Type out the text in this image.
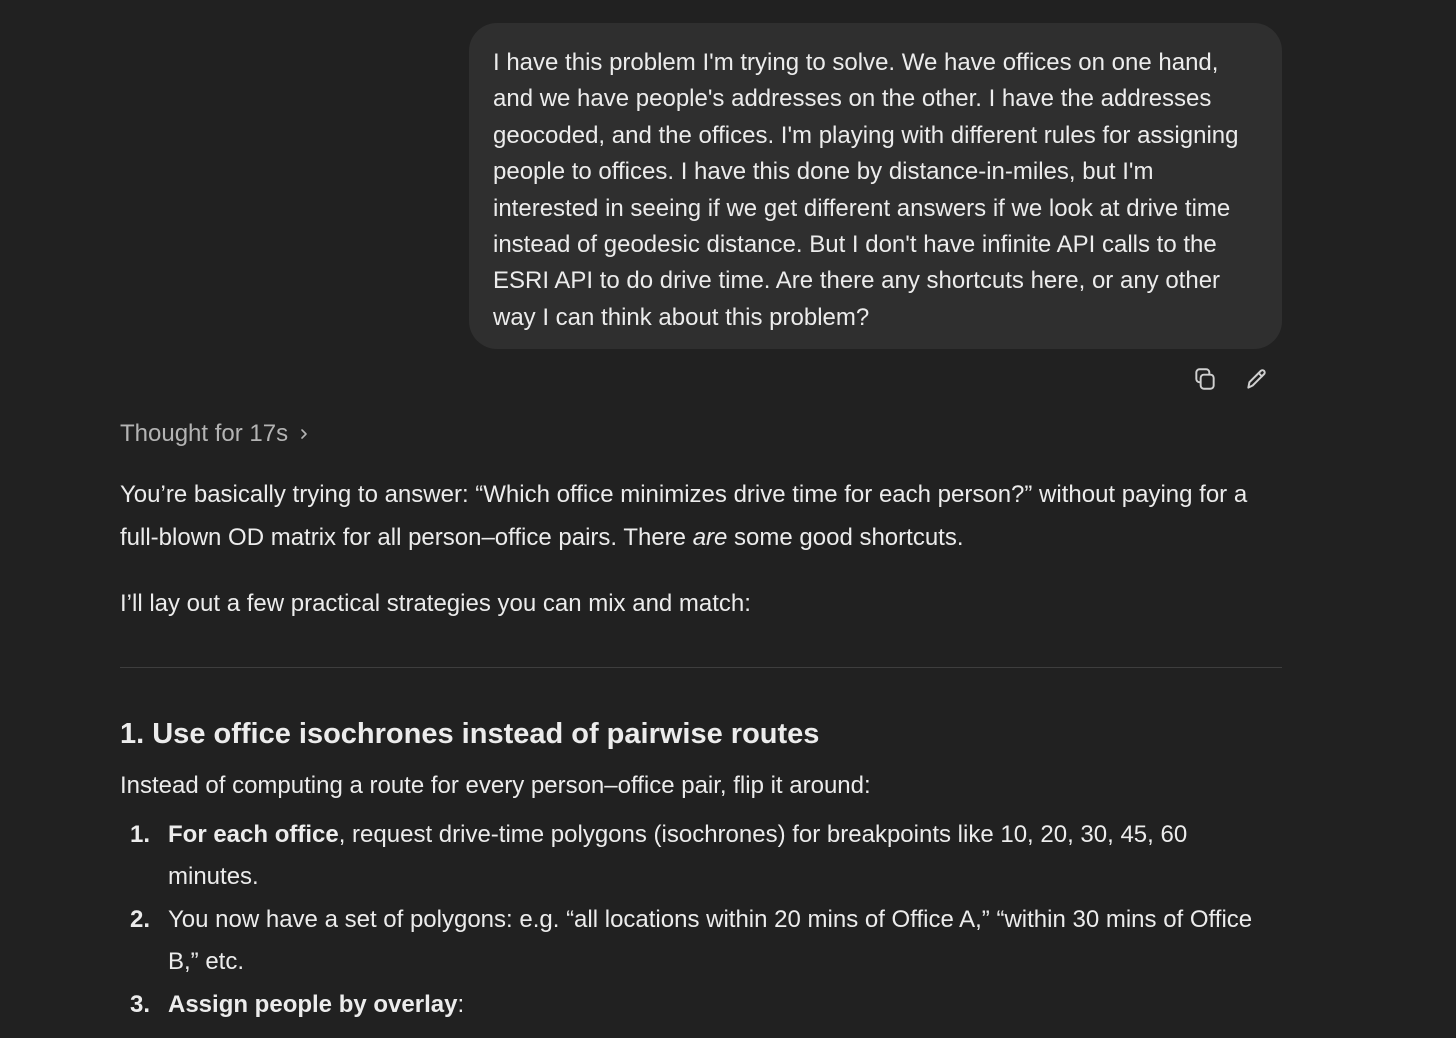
I have this problem I'm trying to solve. We have offices on one hand, and we have people's addresses on the other. I have the addresses geocoded, and the offices. I'm playing with different rules for assigning people to offices. I have this done by distance-in-miles, but I'm interested in seeing if we get different answers if we look at drive time instead of geodesic distance. But I don't have infinite API calls to the ESRI API to do drive time. Are there any shortcuts here, or any other way I can think about this problem?

Thought for 17s

You’re basically trying to answer: “Which office minimizes drive time for each person?” without paying for a full-blown OD matrix for all person–office pairs. There are some good shortcuts.

I’ll lay out a few practical strategies you can mix and match:

1. Use office isochrones instead of pairwise routes

Instead of computing a route for every person–office pair, flip it around:

1. For each office, request drive-time polygons (isochrones) for breakpoints like 10, 20, 30, 45, 60 minutes.
2. You now have a set of polygons: e.g. “all locations within 20 mins of Office A,” “within 30 mins of Office B,” etc.
3. Assign people by overlay:
